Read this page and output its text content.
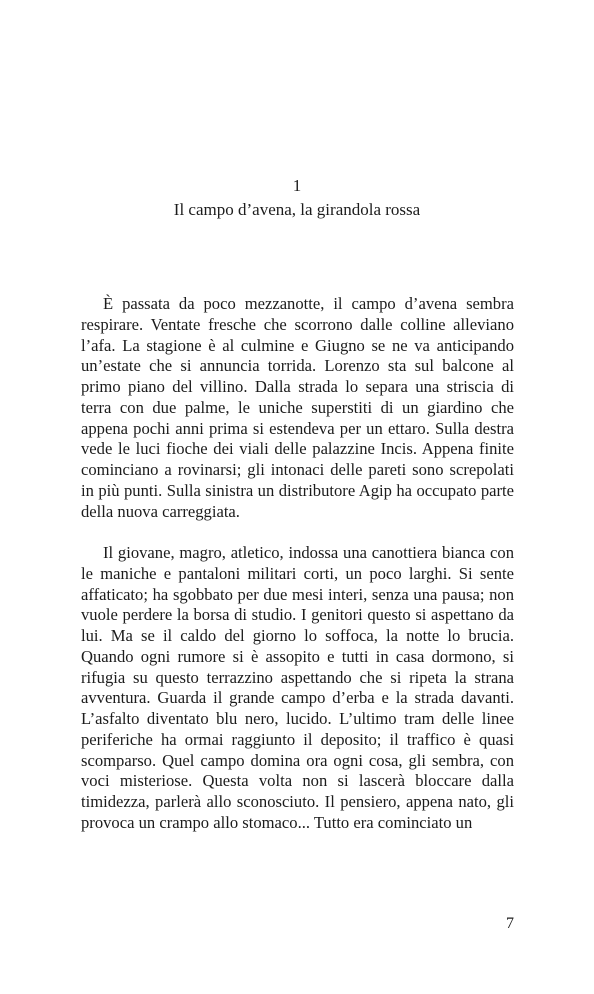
1
Il campo d’avena, la girandola rossa

È passata da poco mezzanotte, il campo d’avena sembra respirare. Ventate fresche che scorrono dalle colline alleviano l’afa. La stagione è al culmine e Giugno se ne va anticipando un’estate che si annuncia torrida. Lorenzo sta sul balcone al primo piano del villino. Dalla strada lo separa una striscia di terra con due palme, le uniche superstiti di un giardino che appena pochi anni prima si estendeva per un ettaro. Sulla destra vede le luci fioche dei viali delle palazzine Incis. Appena finite cominciano a rovinarsi; gli intonaci delle pareti sono screpolati in più punti. Sulla sinistra un distributore Agip ha occupato parte della nuova carreggiata.

Il giovane, magro, atletico, indossa una canottiera bianca con le maniche e pantaloni militari corti, un poco larghi. Si sente affaticato; ha sgobbato per due mesi interi, senza una pausa; non vuole perdere la borsa di studio. I genitori questo si aspettano da lui. Ma se il caldo del giorno lo soffoca, la notte lo brucia. Quando ogni rumore si è assopito e tutti in casa dormono, si rifugia su questo terrazzino aspettando che si ripeta la strana avventura. Guarda il grande campo d’erba e la strada davanti. L’asfalto diventato blu nero, lucido. L’ultimo tram delle linee periferiche ha ormai raggiunto il deposito; il traffico è quasi scomparso. Quel campo domina ora ogni cosa, gli sembra, con voci misteriose. Questa volta non si lascerà bloccare dalla timidezza, parlerà allo sconosciuto. Il pensiero, appena nato, gli provoca un crampo allo stomaco... Tutto era cominciato un

7
